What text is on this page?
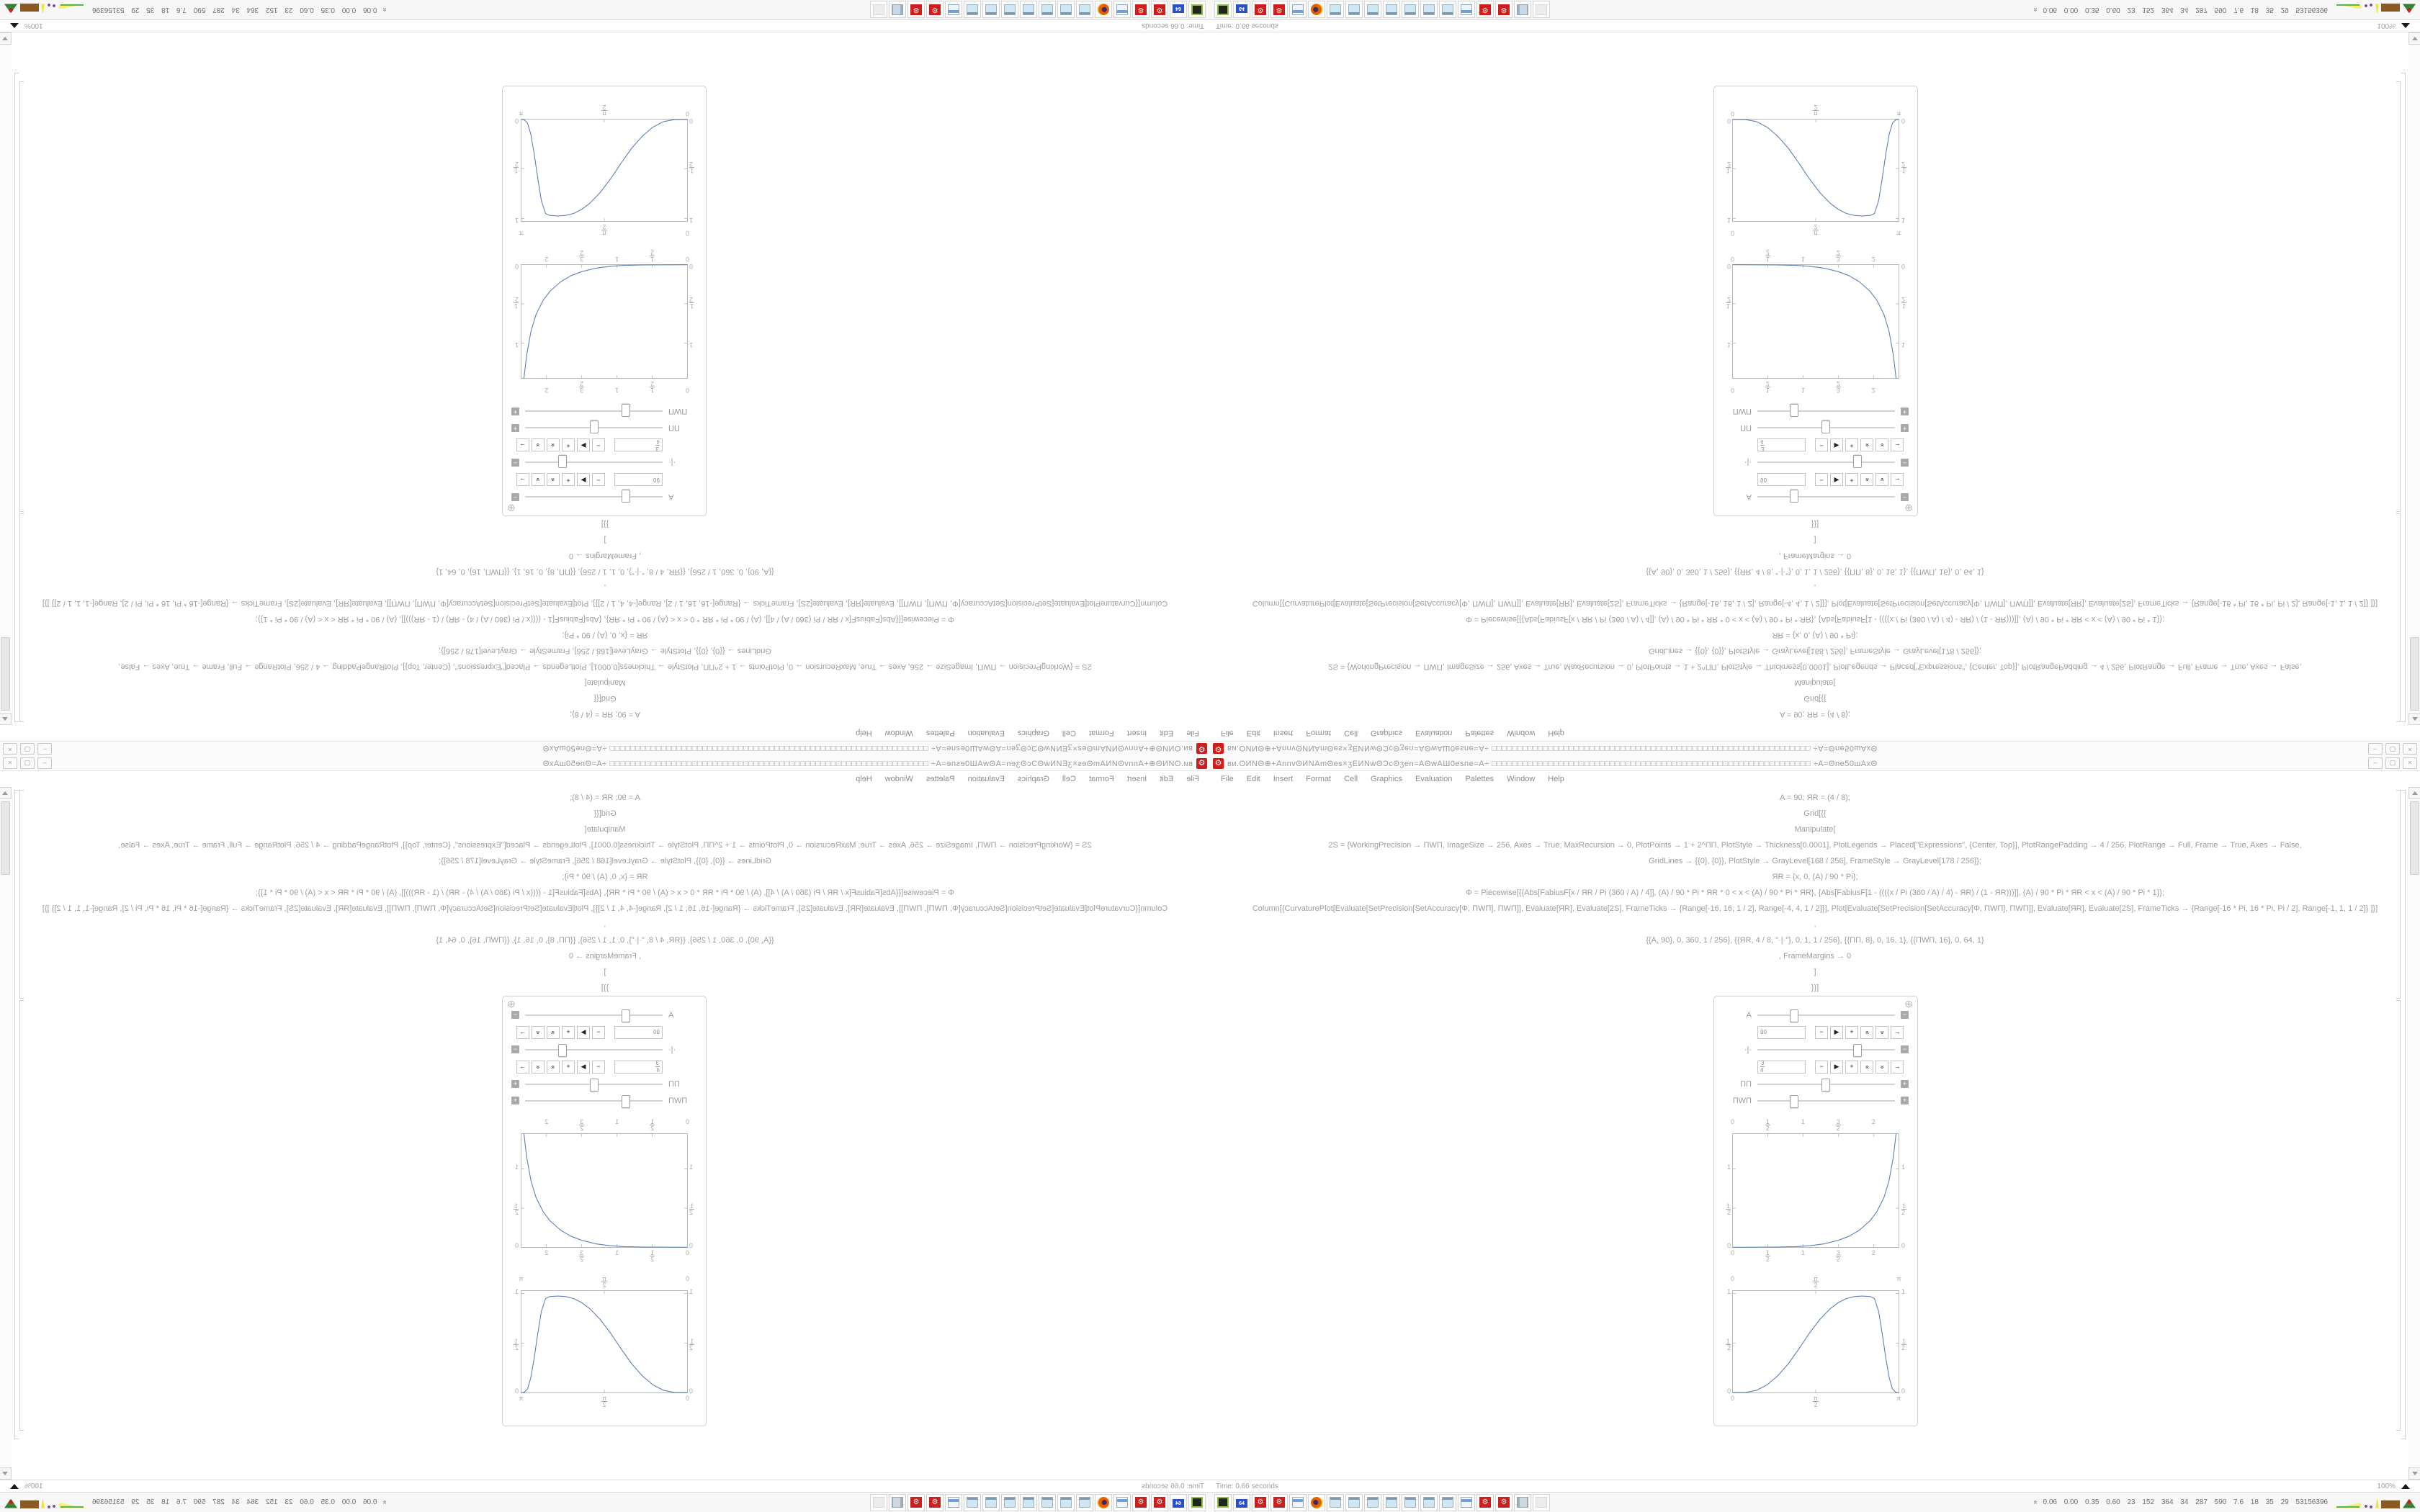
⚙ ви.OИNΘ⊕+AnnvΘИNAmΘes×ʒEИNwΘϽcΘʒen=AΘwAШ0esne=A÷ □□□□□□□□□□□□□□□□□□□□□□□□□□□□□□□□□□□□□□□□□□□□□□□□□□□□□□□□□□□□□□ ÷A=Θne50шAxΘ	–	▢	×
File Edit Insert Format Cell Graphics Evaluation Palettes Window Help
A = 90; ЯR = (4 / 8);
Grid[{{
Manipulate[
2S = {WorkingPrecision → ΠWΠ, ImageSize → 256, Axes → True, MaxRecursion → 0, PlotPoints → 1 + 2^ΠΠ, PlotStyle → Thickness[0.0001], PlotLegends → Placed["Expressions", {Center, Top}], PlotRangePadding → 4 / 256, PlotRange → Full, Frame → True, Axes → False,
GridLines → {{0}, {0}}, PlotStyle → GrayLevel[168 / 256], FrameStyle → GrayLevel[178 / 256]};
ЯR = {x, 0, (A) / 90 * Pi};
Φ = Piecewise[{{Abs[FabiusF[x / ЯR / Pi (360 / A) / 4]], (A) / 90 * Pi * ЯR * 0 < x < (A) / 90 * Pi * ЯR}, {Abs[FabiusF[1 - ((((x / Pi (360 / A) / 4) - ЯR) / (1 - ЯR)))]], (A) / 90 * Pi * ЯR < x < (A) / 90 * Pi * 1}};
Column[{CurvaturePlot[Evaluate[SetPrecision[SetAccuracy[Φ, ΠWΠ], ΠWΠ]], Evaluate[ЯR], Evaluate[2S], FrameTicks → {Range[-16, 16, 1 / 2], Range[-4, 4, 1 / 2]}], Plot[Evaluate[SetPrecision[SetAccuracy[Φ, ΠWΠ], ΠWΠ]], Evaluate[ЯR], Evaluate[2S], FrameTicks → {Range[-16 * Pi, 16 * Pi, Pi / 2], Range[-1, 1, 1 / 2]} ]}]
,
{{A, 90}, 0, 360, 1 / 256}, {{ЯR, 4 / 8, "·|·"}, 0, 1, 1 / 256}, {{ΠΠ, 8}, 0, 16, 1}, {{ΠWΠ, 16}, 0, 64, 1}
, FrameMargins → 0
]
}}]
⊕
A	−
90	−	▶	+	«	»	→
·|·	−
3
4
−	▶	+	«	»	→
ΠΠ	+
ΠWΠ	+
0
0
$\frac{1}{2}$
$\frac{1}{2}$
1
1
$\frac{3}{2}$
$\frac{3}{2}$
2
2
0	0
$\frac{1}{2}$	$\frac{1}{2}$
1	1
0
0
$\frac{\pi}{2}$
$\frac{\pi}{2}$
π
π
0	0
$\frac{1}{2}$	$\frac{1}{2}$
1	1
Time: 0.66 seconds	100%
64	⚙	⚙	⚙	⚙	« 0.06 0.00 0.35 0.60 23 152 364 34 287 590 7.6 18 35 29 53156396
⚙
ви.OИNΘ⊕+AnnvΘИNAmΘes×ʒEИNwΘϽcΘʒen=AΘwAШ0esne=A÷ □□□□□□□□□□□□□□□□□□□□□□□□□□□□□□□□□□□□□□□□□□□□□□□□□□□□□□□□□□□□□□ ÷A=Θne50шAxΘ
–
▢
×
File
Edit
Insert
Format
Cell
Graphics
Evaluation
Palettes
Window
Help
A = 90; ЯR = (4 / 8);
Grid[{{
Manipulate[
2S = {WorkingPrecision → ΠWΠ, ImageSize → 256, Axes → True, MaxRecursion → 0, PlotPoints → 1 + 2^ΠΠ, PlotStyle → Thickness[0.0001], PlotLegends → Placed["Expressions", {Center, Top}], PlotRangePadding → 4 / 256, PlotRange → Full, Frame → True, Axes → False,
GridLines → {{0}, {0}}, PlotStyle → GrayLevel[168 / 256], FrameStyle → GrayLevel[178 / 256]};
ЯR = {x, 0, (A) / 90 * Pi};
Φ = Piecewise[{{Abs[FabiusF[x / ЯR / Pi (360 / A) / 4]], (A) / 90 * Pi * ЯR * 0 < x < (A) / 90 * Pi * ЯR}, {Abs[FabiusF[1 - ((((x / Pi (360 / A) / 4) - ЯR) / (1 - ЯR)))]], (A) / 90 * Pi * ЯR < x < (A) / 90 * Pi * 1}};
Column[{CurvaturePlot[Evaluate[SetPrecision[SetAccuracy[Φ, ΠWΠ], ΠWΠ]], Evaluate[ЯR], Evaluate[2S], FrameTicks → {Range[-16, 16, 1 / 2], Range[-4, 4, 1 / 2]}], Plot[Evaluate[SetPrecision[SetAccuracy[Φ, ΠWΠ], ΠWΠ]], Evaluate[ЯR], Evaluate[2S], FrameTicks → {Range[-16 * Pi, 16 * Pi, Pi / 2], Range[-1, 1, 1 / 2]} ]}]
,
{{A, 90}, 0, 360, 1 / 256}, {{ЯR, 4 / 8, "·|·"}, 0, 1, 1 / 256}, {{ΠΠ, 8}, 0, 16, 1}, {{ΠWΠ, 16}, 0, 64, 1}
, FrameMargins → 0
]
}}]
⊕
A
−
90
−
▶
+
«
»
→
·|·
−
3
4
−
▶
+
«
»
→
ΠΠ
+
ΠWΠ
+
0
0
$\frac{1}{2}$
$\frac{1}{2}$
1
1
$\frac{3}{2}$
$\frac{3}{2}$
2
2
0
0
$\frac{1}{2}$
$\frac{1}{2}$
1
1
0
0
$\frac{\pi}{2}$
$\frac{\pi}{2}$
π
π
0
0
$\frac{1}{2}$
$\frac{1}{2}$
1
1
Time: 0.66 seconds
100%
64
⚙
⚙
⚙
⚙
«
0.06 0.00 0.35 0.60 23 152 364 34 287 590 7.6 18 35 29 53156396
⚙ ви.OИNΘ⊕+AnnvΘИNAmΘes×ʒEИNwΘϽcΘʒen=AΘwAШ0esne=A÷ □□□□□□□□□□□□□□□□□□□□□□□□□□□□□□□□□□□□□□□□□□□□□□□□□□□□□□□□□□□□□□ ÷A=Θne50шAxΘ	–	▢	×
File Edit Insert Format Cell Graphics Evaluation Palettes Window Help
A = 90; ЯR = (4 / 8);
Grid[{{
Manipulate[
2S = {WorkingPrecision → ΠWΠ, ImageSize → 256, Axes → True, MaxRecursion → 0, PlotPoints → 1 + 2^ΠΠ, PlotStyle → Thickness[0.0001], PlotLegends → Placed["Expressions", {Center, Top}], PlotRangePadding → 4 / 256, PlotRange → Full, Frame → True, Axes → False,
GridLines → {{0}, {0}}, PlotStyle → GrayLevel[168 / 256], FrameStyle → GrayLevel[178 / 256]};
ЯR = {x, 0, (A) / 90 * Pi};
Φ = Piecewise[{{Abs[FabiusF[x / ЯR / Pi (360 / A) / 4]], (A) / 90 * Pi * ЯR * 0 < x < (A) / 90 * Pi * ЯR}, {Abs[FabiusF[1 - ((((x / Pi (360 / A) / 4) - ЯR) / (1 - ЯR)))]], (A) / 90 * Pi * ЯR < x < (A) / 90 * Pi * 1}};
Column[{CurvaturePlot[Evaluate[SetPrecision[SetAccuracy[Φ, ΠWΠ], ΠWΠ]], Evaluate[ЯR], Evaluate[2S], FrameTicks → {Range[-16, 16, 1 / 2], Range[-4, 4, 1 / 2]}], Plot[Evaluate[SetPrecision[SetAccuracy[Φ, ΠWΠ], ΠWΠ]], Evaluate[ЯR], Evaluate[2S], FrameTicks → {Range[-16 * Pi, 16 * Pi, Pi / 2], Range[-1, 1, 1 / 2]} ]}]
,
{{A, 90}, 0, 360, 1 / 256}, {{ЯR, 4 / 8, "·|·"}, 0, 1, 1 / 256}, {{ΠΠ, 8}, 0, 16, 1}, {{ΠWΠ, 16}, 0, 64, 1}
, FrameMargins → 0
]
}}]
⊕
A	−
90	−	▶	+	«	»	→
·|·	−
3
4
−	▶	+	«	»	→
ΠΠ	+
ΠWΠ	+
0
0
1
2
1
2
1
1
3
2
3
2
2
2
0	0
1
2
1
2
1	1
0
0
π
2
π
2
π
π
0	0
1
2
1
2
1	1
Time: 0.66 seconds	100%
64	⚙	⚙	⚙	⚙	« 0.06 0.00 0.35 0.60 23 152 364 34 287 590 7.6 18 35 29 53156396
⚙
ви.OИNΘ⊕+AnnvΘИNAmΘes×ʒEИNwΘϽcΘʒen=AΘwAШ0esne=A÷ □□□□□□□□□□□□□□□□□□□□□□□□□□□□□□□□□□□□□□□□□□□□□□□□□□□□□□□□□□□□□□ ÷A=Θne50шAxΘ
–
▢
×
File
Edit
Insert
Format
Cell
Graphics
Evaluation
Palettes
Window
Help
A = 90; ЯR = (4 / 8);
Grid[{{
Manipulate[
2S = {WorkingPrecision → ΠWΠ, ImageSize → 256, Axes → True, MaxRecursion → 0, PlotPoints → 1 + 2^ΠΠ, PlotStyle → Thickness[0.0001], PlotLegends → Placed["Expressions", {Center, Top}], PlotRangePadding → 4 / 256, PlotRange → Full, Frame → True, Axes → False,
GridLines → {{0}, {0}}, PlotStyle → GrayLevel[168 / 256], FrameStyle → GrayLevel[178 / 256]};
ЯR = {x, 0, (A) / 90 * Pi};
Φ = Piecewise[{{Abs[FabiusF[x / ЯR / Pi (360 / A) / 4]], (A) / 90 * Pi * ЯR * 0 < x < (A) / 90 * Pi * ЯR}, {Abs[FabiusF[1 - ((((x / Pi (360 / A) / 4) - ЯR) / (1 - ЯR)))]], (A) / 90 * Pi * ЯR < x < (A) / 90 * Pi * 1}};
Column[{CurvaturePlot[Evaluate[SetPrecision[SetAccuracy[Φ, ΠWΠ], ΠWΠ]], Evaluate[ЯR], Evaluate[2S], FrameTicks → {Range[-16, 16, 1 / 2], Range[-4, 4, 1 / 2]}], Plot[Evaluate[SetPrecision[SetAccuracy[Φ, ΠWΠ], ΠWΠ]], Evaluate[ЯR], Evaluate[2S], FrameTicks → {Range[-16 * Pi, 16 * Pi, Pi / 2], Range[-1, 1, 1 / 2]} ]}]
,
{{A, 90}, 0, 360, 1 / 256}, {{ЯR, 4 / 8, "·|·"}, 0, 1, 1 / 256}, {{ΠΠ, 8}, 0, 16, 1}, {{ΠWΠ, 16}, 0, 64, 1}
, FrameMargins → 0
]
}}]
⊕
A
−
90
−
▶
+
«
»
→
·|·
−
3
4
−
▶
+
«
»
→
ΠΠ
+
ΠWΠ
+
0
0
1
2
1
2
1
1
3
2
3
2
2
2
0
0
1
2
1
2
1
1
0
0
π
2
π
2
π
π
0
0
1
2
1
2
1
1
Time: 0.66 seconds
100%
64
⚙
⚙
⚙
⚙
«
0.06 0.00 0.35 0.60 23 152 364 34 287 590 7.6 18 35 29 53156396
